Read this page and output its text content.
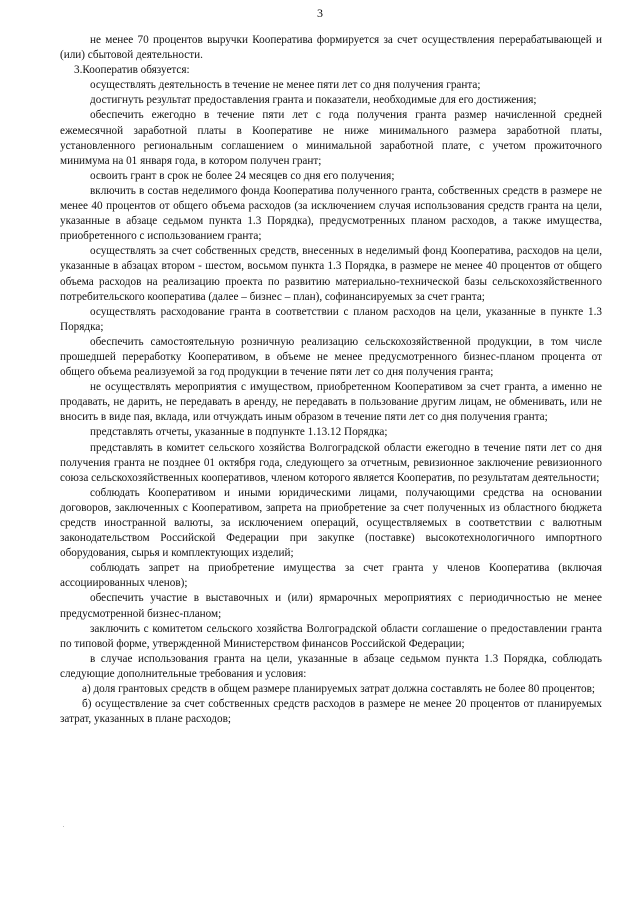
3

не менее 70 процентов выручки Кооператива формируется за счет осуществления перерабатывающей и (или) сбытовой деятельности.

3.Кооператив обязуется:

осуществлять деятельность в течение не менее пяти лет со дня получения гранта;

достигнуть результат предоставления гранта и показатели, необходимые для его достижения;

обеспечить ежегодно в течение пяти лет с года получения гранта размер начисленной средней ежемесячной заработной платы в Кооперативе не ниже минимального размера заработной платы, установленного региональным соглашением о минимальной заработной плате, с учетом прожиточного минимума на 01 января года, в котором получен грант;

освоить грант в срок не более 24 месяцев со дня его получения;

включить в состав неделимого фонда Кооператива полученного гранта, собственных средств в размере не менее 40 процентов от общего объема расходов (за исключением случая использования средств гранта на цели, указанные в абзаце седьмом пункта 1.3 Порядка), предусмотренных планом расходов, а также имущества, приобретенного с использованием гранта;

осуществлять за счет собственных средств, внесенных в неделимый фонд Кооператива, расходов на цели, указанные в абзацах втором - шестом, восьмом пункта 1.3 Порядка, в размере не менее 40 процентов от общего объема расходов на реализацию проекта по развитию материально-технической базы сельскохозяйственного потребительского кооператива (далее – бизнес – план), софинансируемых за счет гранта;

осуществлять расходование гранта в соответствии с планом расходов на цели, указанные в пункте 1.3 Порядка;

обеспечить самостоятельную розничную реализацию сельскохозяйственной продукции, в том числе прошедшей переработку Кооперативом, в объеме не менее предусмотренного бизнес-планом процента от общего объема реализуемой за год продукции в течение пяти лет со дня получения гранта;

не осуществлять мероприятия с имуществом, приобретенном Кооперативом за счет гранта, а именно не продавать, не дарить, не передавать в аренду, не передавать в пользование другим лицам, не обменивать, или не вносить в виде пая, вклада, или отчуждать иным образом в течение пяти лет со дня получения гранта;

представлять отчеты, указанные в подпункте 1.13.12 Порядка;

представлять в комитет сельского хозяйства Волгоградской области ежегодно в течение пяти лет со дня получения гранта не позднее 01 октября года, следующего за отчетным, ревизионное заключение ревизионного союза сельскохозяйственных кооперативов, членом которого является Кооператив, по результатам деятельности;

соблюдать Кооперативом и иными юридическими лицами, получающими средства на основании договоров, заключенных с Кооперативом, запрета на приобретение за счет полученных из областного бюджета средств иностранной валюты, за исключением операций, осуществляемых в соответствии с валютным законодательством Российской Федерации при закупке (поставке) высокотехнологичного импортного оборудования, сырья и комплектующих изделий;

соблюдать запрет на приобретение имущества за счет гранта у членов Кооператива (включая ассоциированных членов);

обеспечить участие в выставочных и (или) ярмарочных мероприятиях с периодичностью не менее предусмотренной бизнес-планом;

заключить с комитетом сельского хозяйства Волгоградской области соглашение о предоставлении гранта по типовой форме, утвержденной Министерством финансов Российской Федерации;

в случае использования гранта на цели, указанные в абзаце седьмом пункта 1.3 Порядка, соблюдать следующие дополнительные требования и условия:

а) доля грантовых средств в общем размере планируемых затрат должна составлять не более 80 процентов;

б) осуществление за счет собственных средств расходов в размере не менее 20 процентов от планируемых затрат, указанных в плане расходов;
